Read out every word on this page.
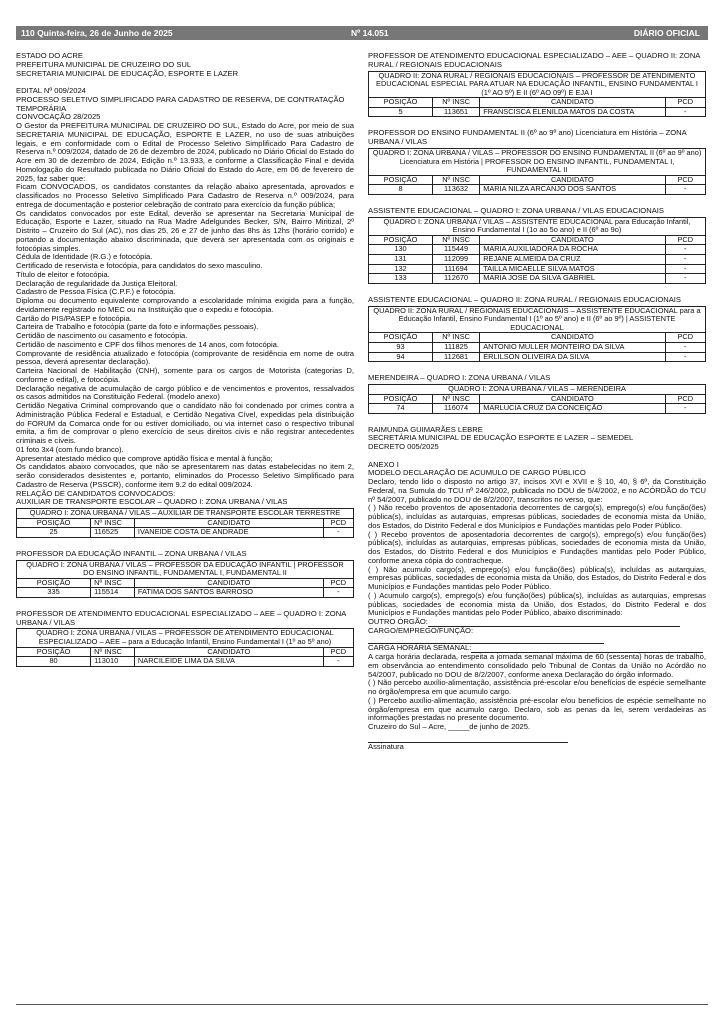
110 Quinta-feira, 26 de Junho de 2025	Nº 14.051	DIÁRIO OFICIAL

ESTADO DO ACRE

PREFEITURA MUNICIPAL DE CRUZEIRO DO SUL

SECRETARIA MUNICIPAL DE EDUCAÇÃO, ESPORTE E LAZER

EDITAL Nº 009/2024

PROCESSO SELETIVO SIMPLIFICADO PARA CADASTRO DE RESERVA, DE CONTRATAÇÃO TEMPORÁRIA

CONVOCAÇÃO 28/2025

O Gestor da PREFEITURA MUNICIPAL DE CRUZEIRO DO SUL, Estado do Acre, por meio de sua SECRETARIA MUNICIPAL DE EDUCAÇÃO, ESPORTE E LAZER, no uso de suas atribuições legais, e em conformidade com o Edital de Processo Seletivo Simplificado Para Cadastro de Reserva n.º 009/2024, datado de 26 de dezembro de 2024, publicado no Diário Oficial do Estado do Acre em 30 de dezembro de 2024, Edição n.º 13.933, e conforme a Classificação Final e devida Homologação do Resultado publicada no Diário Oficial do Estado do Acre, em 06 de fevereiro de 2025, faz saber que:

Ficam CONVOCADOS, os candidatos constantes da relação abaixo apresentada, aprovados e classificados no Processo Seletivo Simplificado Para Cadastro de Reserva n.º 009/2024, para entrega de documentação e posterior celebração de contrato para exercício da função pública;

Os candidatos convocados por este Edital, deverão se apresentar na Secretaria Municipal de Educação, Esporte e Lazer, situado na Rua Madre Adelgundes Becker, S/N, Bairro Miritizal, 2º Distrito – Cruzeiro do Sul (AC), nos dias 25, 26 e 27 de junho das 8hs às 12hs (horário corrido) e portando a documentação abaixo discriminada, que deverá ser apresentada com os originais e fotocópias simples.

Cédula de Identidade (R.G.) e fotocópia.

Certificado de reservista e fotocópia, para candidatos do sexo masculino.

Título de eleitor e fotocópia.

Declaração de regularidade da Justiça Eleitoral.

Cadastro de Pessoa Física (C.P.F.) e fotocópia.

Diploma ou documento equivalente comprovando a escolaridade mínima exigida para a função, devidamente registrado no MEC ou na Instituição que o expediu e fotocópia.

Cartão do PIS/PASEP e fotocópia.

Carteira de Trabalho e fotocópia (parte da foto e informações pessoais).

Certidão de nascimento ou casamento e fotocópia.

Certidão de nascimento e CPF dos filhos menores de 14 anos, com fotocópia.

Comprovante de residência atualizado e fotocópia (comprovante de residência em nome de outra pessoa, deverá apresentar declaração).

Carteira Nacional de Habilitação (CNH), somente para os cargos de Motorista (categorias D, conforme o edital), e fotocópia.

Declaração negativa de acumulação de cargo público e de vencimentos e proventos, ressalvados os casos admitidos na Constituição Federal. (modelo anexo)

Certidão Negativa Criminal comprovando que o candidato não foi condenado por crimes contra a Administração Pública Federal e Estadual, e Certidão Negativa Cível, expedidas pela distribuição do FORUM da Comarca onde for ou estiver domiciliado, ou via internet caso o respectivo tribunal emita, a fim de comprovar o pleno exercício de seus direitos civis e não registrar antecedentes criminais e cíveis.

01 foto 3x4 (com fundo branco).

Apresentar atestado médico que comprove aptidão física e mental à função;

Os candidatos abaixo convocados, que não se apresentarem nas datas estabelecidas no item 2, serão considerados desistentes e, portanto, eliminados do Processo Seletivo Simplificado para Cadastro de Reserva (PSSCR), conforme item 9.2 do edital 009/2024.

RELAÇÃO DE CANDIDATOS CONVOCADOS:

AUXILIAR DE TRANSPORTE ESCOLAR – QUADRO I: ZONA URBANA / VILAS

QUADRO I: ZONA URBANA / VILAS – AUXILIAR DE TRANSPORTE ESCOLAR TERRESTRE			
POSIÇÃO	Nº INSC	CANDIDATO	PCD
25	116525	IVANEIDE COSTA DE ANDRADE	-

PROFESSOR DA EDUCAÇÃO INFANTIL – ZONA URBANA / VILAS

QUADRO I: ZONA URBANA / VILAS – PROFESSOR DA EDUCAÇÃO INFANTIL | PROFESSOR DO ENSINO INFANTIL, FUNDAMENTAL I, FUNDAMENTAL II			
POSIÇÃO	Nº INSC	CANDIDATO	PCD
335	115514	FATIMA DOS SANTOS BARROSO	-

PROFESSOR DE ATENDIMENTO EDUCACIONAL ESPECIALIZADO – AEE – QUADRO I: ZONA URBANA / VILAS

QUADRO I: ZONA URBANA / VILAS – PROFESSOR DE ATENDIMENTO EDUCACIONAL ESPECIALIZADO – AEE – para a Educação Infantil, Ensino Fundamental I (1º ao 5º ano)			
POSIÇÃO	Nº INSC	CANDIDATO	PCD
80	113010	NARCILEIDE LIMA DA SILVA	-

PROFESSOR DE ATENDIMENTO EDUCACIONAL ESPECIALIZADO – AEE – QUADRO II: ZONA RURAL / REGIONAIS EDUCACIONAIS

QUADRO II: ZONA RURAL / REGIONAIS EDUCACIONAIS – PROFESSOR DE ATENDIMENTO EDUCACIONAL ESPECIAL PARA ATUAR NA EDUCAÇÃO INFANTIL, ENSINO FUNDAMENTAL I
(1º AO 5º) E II (6º AO 09º) E EJA I			

POSIÇÃO	Nº INSC	CANDIDATO	PCD
5	113651	FRANSCISCA ELENILDA MATOS DA COSTA	-

PROFESSOR DO ENSINO FUNDAMENTAL II (6º ao 9º ano) Licenciatura em História – ZONA URBANA / VILAS

QUADRO I: ZONA URBANA / VILAS – PROFESSOR DO ENSINO FUNDAMENTAL II (6º ao 9º ano) Licenciatura em História | PROFESSOR DO ENSINO INFANTIL, FUNDAMENTAL I, FUNDAMENTAL II			
POSIÇÃO	Nº INSC	CANDIDATO	PCD
8	113632	MARIA NILZA ARCANJO DOS SANTOS	-

ASSISTENTE EDUCACIONAL – QUADRO I: ZONA URBANA / VILAS EDUCACIONAIS

QUADRO I: ZONA URBANA / VILAS – ASSISTENTE EDUCACIONAL para Educação Infantil, Ensino Fundamental I (1o ao 5o ano) e II (6º ao 9o)			
POSIÇÃO	Nº INSC	CANDIDATO	PCD
130	115449	MARIA AUXILIADORA DA ROCHA	-
131	112099	REJANE ALMEIDA DA CRUZ	-
132	111694	TAILLA MICAELLE SILVA MATOS	-
133	112670	MARIA JOSE DA SILVA GABRIEL	-

ASSISTENTE EDUCACIONAL – QUADRO II: ZONA RURAL / REGIONAIS EDUCACIONAIS

QUADRO II: ZONA RURAL / REGIONAIS EDUCACIONAIS – ASSISTENTE EDUCACIONAL para a Educação Infantil, Ensino Fundamental I (1º ao 5º ano) e II (6º ao 9º) | ASSISTENTE EDUCACIONAL			
POSIÇÃO	Nº INSC	CANDIDATO	PCD
93	111825	ANTONIO MULLER MONTEIRO DA SILVA	-
94	112681	ERLILSON OLIVEIRA DA SILVA	-

MERENDEIRA – QUADRO I: ZONA URBANA / VILAS

QUADRO I: ZONA URBANA / VILAS – MERENDEIRA			
POSIÇÃO	Nº INSC	CANDIDATO	PCD
74	116074	MARLUCIA CRUZ DA CONCEIÇÃO	-

RAIMUNDA GUIMARÃES LEBRE

SECRETÁRIA MUNICIPAL DE EDUCAÇÃO ESPORTE E LAZER – SEMEDEL

DECRETO 005/2025

ANEXO I

MODELO DECLARAÇÃO DE ACUMULO DE CARGO PÚBLICO

Declaro, tendo lido o disposto no artigo 37, incisos XVI e XVII e § 10, 40, § 6º, da Constituição Federal, na Sumula do TCU nº 246/2002, publicada no DOU de 5/4/2002, e no ACÓRDÃO do TCU nº 54/2007, publicado no DOU de 8/2/2007, transcritos no verso, que:

( ) Não recebo proventos de aposentadoria decorrentes de cargo(s), emprego(s) e/ou função(ões) pública(s), incluídas as autarquias, empresas públicas, sociedades de economia mista da União, dos Estados, do Distrito Federal e dos Municípios e Fundações mantidas pelo Poder Público.

( ) Recebo proventos de aposentadoria decorrentes de cargo(s), emprego(s) e/ou função(ões) pública(s), incluídas as autarquias, empresas públicas, sociedades de economia mista da União, dos Estados, do Distrito Federal e dos Municípios e Fundações mantidas pelo Poder Público, conforme anexa cópia do contracheque.

( ) Não acumulo cargo(s), emprego(s) e/ou função(ões) pública(s), incluídas as autarquias, empresas públicas, sociedades de economia mista da União, dos Estados, do Distrito Federal e dos Municípios e Fundações mantidas pelo Poder Público.

( ) Acumulo cargo(s), emprego(s) e/ou função(ões) pública(s), incluídas as autarquias, empresas públicas, sociedades de economia mista da União, dos Estados, do Distrito Federal e dos Municípios e Fundações mantidas pelo Poder Público, abaixo discriminado:

OUTRO ÓRGÃO:

CARGO/EMPREGO/FUNÇÃO:

CARGA HORÁRIA SEMANAL:

A carga horária declarada, respeita a jornada semanal máxima de 60 (sessenta) horas de trabalho, em observância ao entendimento consolidado pelo Tribunal de Contas da União no Acórdão no 54/2007, publicado no DOU de 8/2/2007, conforme anexa Declaração do órgão informado.

( ) Não percebo auxílio-alimentação, assistência pré-escolar e/ou benefícios de espécie semelhante no órgão/empresa em que acumulo cargo.

( ) Percebo auxílio-alimentação, assistência pré-escolar e/ou benefícios de espécie semelhante no órgão/empresa em que acumulo cargo. Declaro, sob as penas da lei, serem verdadeiras as informações prestadas no presente documento.

Cruzeiro do Sul – Acre, _____de junho de 2025.

Assinatura
